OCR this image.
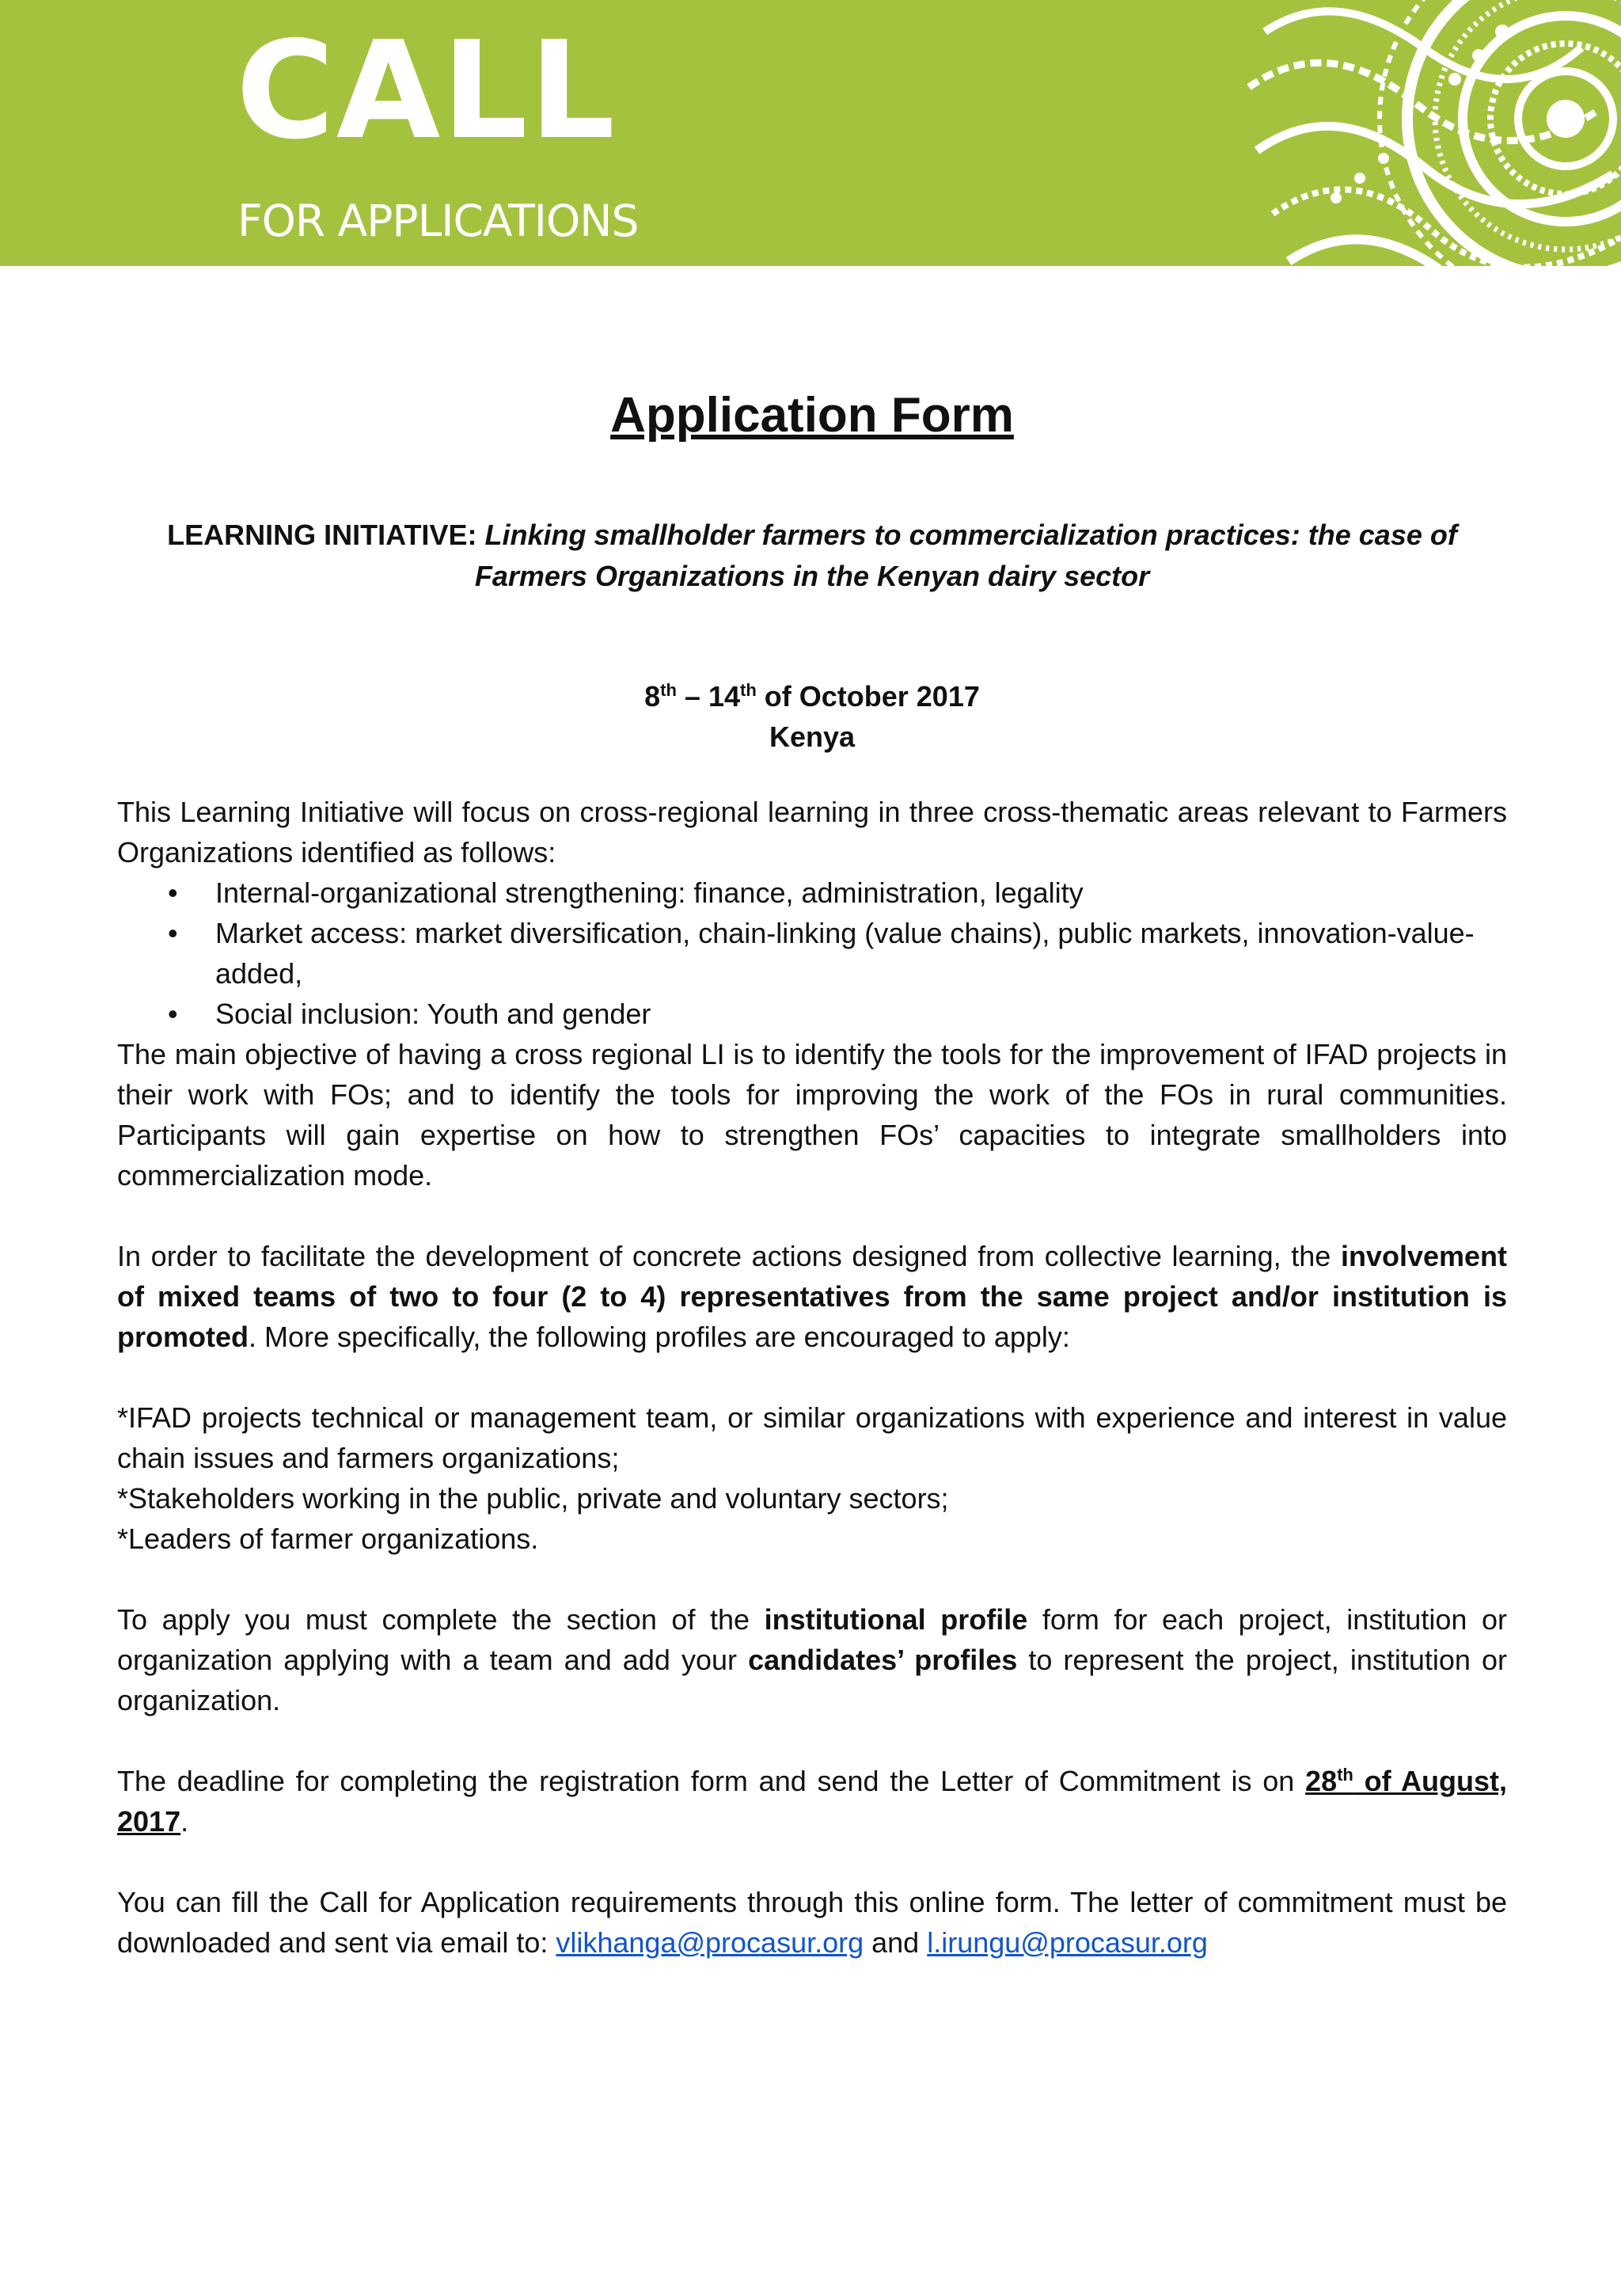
CALL
FOR APPLICATIONS
Application Form
LEARNING INITIATIVE: Linking smallholder farmers to commercialization practices: the case of Farmers Organizations in the Kenyan dairy sector
8th – 14th of October 2017
Kenya

This Learning Initiative will focus on cross-regional learning in three cross-thematic areas relevant to Farmers Organizations identified as follows:

• Internal-organizational strengthening: finance, administration, legality
• Market access: market diversification, chain-linking (value chains), public markets, innovation-value-added,
• Social inclusion: Youth and gender

The main objective of having a cross regional LI is to identify the tools for the improvement of IFAD projects in their work with FOs; and to identify the tools for improving the work of the FOs in rural communities. Participants will gain expertise on how to strengthen FOs’ capacities to integrate smallholders into commercialization mode.

In order to facilitate the development of concrete actions designed from collective learning, the involvement of mixed teams of two to four (2 to 4) representatives from the same project and/or institution is promoted. More specifically, the following profiles are encouraged to apply:

*IFAD projects technical or management team, or similar organizations with experience and interest in value chain issues and farmers organizations;

*Stakeholders working in the public, private and voluntary sectors;

*Leaders of farmer organizations.

To apply you must complete the section of the institutional profile form for each project, institution or organization applying with a team and add your candidates’ profiles to represent the project, institution or organization.

The deadline for completing the registration form and send the Letter of Commitment is on 28th of August, 2017.

You can fill the Call for Application requirements through this online form. The letter of commitment must be downloaded and sent via email to: vlikhanga@procasur.org and l.irungu@procasur.org
